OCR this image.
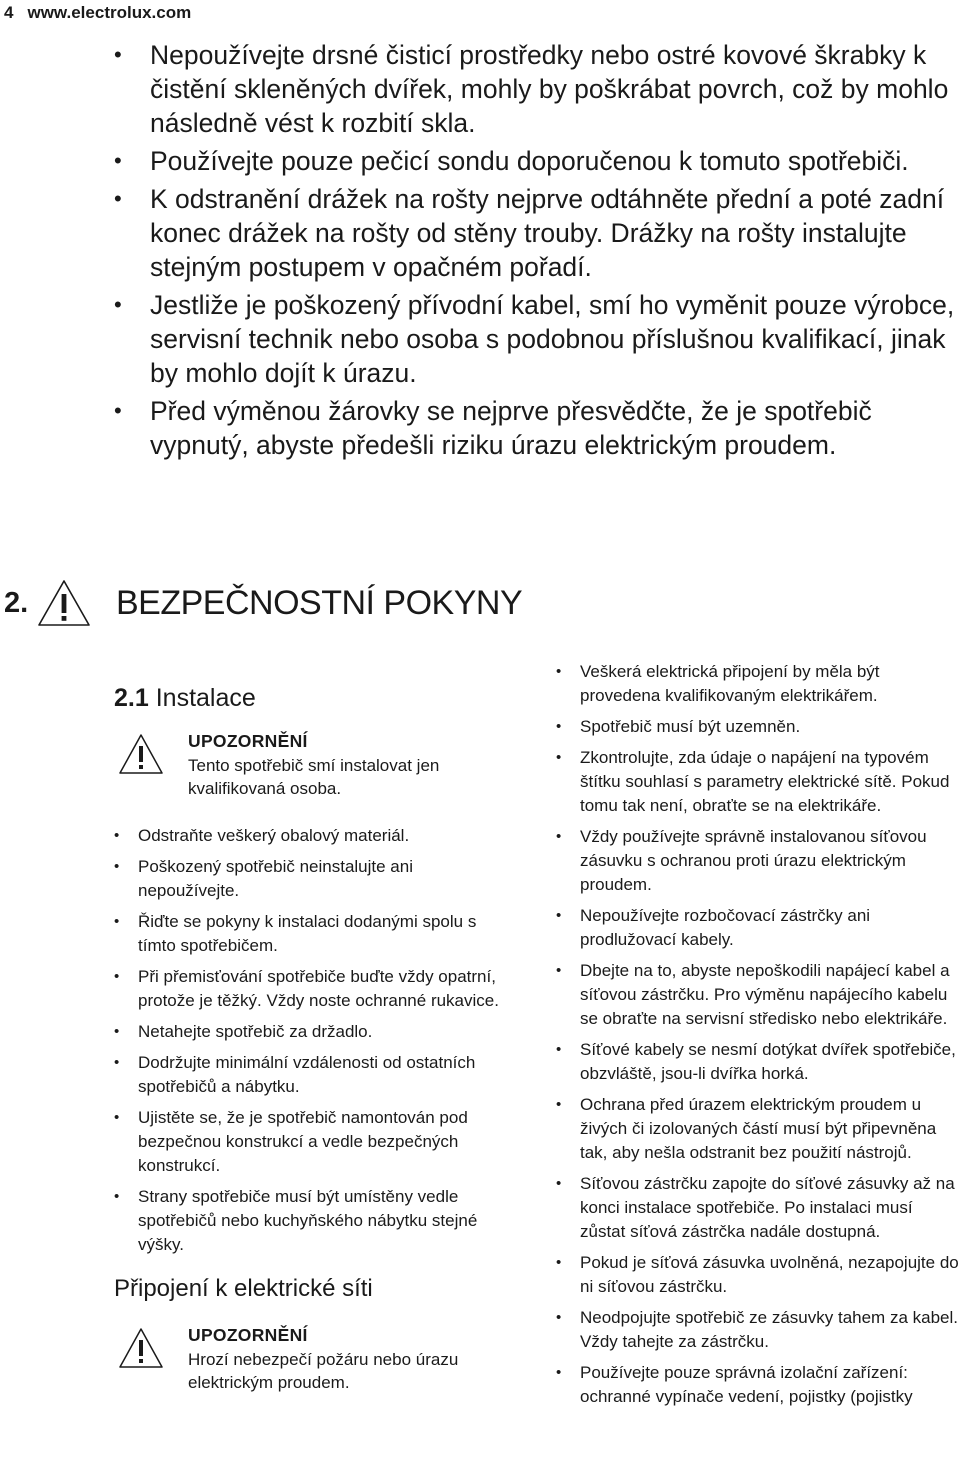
4 www.electrolux.com
• Nepoužívejte drsné čisticí prostředky nebo ostré kovové škrabky k čistění skleněných dvířek, mohly by poškrábat povrch, což by mohlo následně vést k rozbití skla.
• Používejte pouze pečicí sondu doporučenou k tomuto spotřebiči.
• K odstranění drážek na rošty nejprve odtáhněte přední a poté zadní konec drážek na rošty od stěny trouby. Drážky na rošty instalujte stejným postupem v opačném pořadí.
• Jestliže je poškozený přívodní kabel, smí ho vyměnit pouze výrobce, servisní technik nebo osoba s podobnou příslušnou kvalifikací, jinak by mohlo dojít k úrazu.
• Před výměnou žárovky se nejprve přesvědčte, že je spotřebič vypnutý, abyste předešli riziku úrazu elektrickým proudem.
2.	BEZPEČNOSTNÍ POKYNY
2.1 Instalace
UPOZORNĚNÍ
Tento spotřebič smí instalovat jen kvalifikovaná osoba.
• Odstraňte veškerý obalový materiál.
• Poškozený spotřebič neinstalujte ani nepoužívejte.
• Řiďte se pokyny k instalaci dodanými spolu s tímto spotřebičem.
• Při přemisťování spotřebiče buďte vždy opatrní, protože je těžký. Vždy noste ochranné rukavice.
• Netahejte spotřebič za držadlo.
• Dodržujte minimální vzdálenosti od ostatních spotřebičů a nábytku.
• Ujistěte se, že je spotřebič namontován pod bezpečnou konstrukcí a vedle bezpečných konstrukcí.
• Strany spotřebiče musí být umístěny vedle spotřebičů nebo kuchyňského nábytku stejné výšky.
Připojení k elektrické síti
UPOZORNĚNÍ
Hrozí nebezpečí požáru nebo úrazu elektrickým proudem.
• Veškerá elektrická připojení by měla být provedena kvalifikovaným elektrikářem.
• Spotřebič musí být uzemněn.
• Zkontrolujte, zda údaje o napájení na typovém štítku souhlasí s parametry elektrické sítě. Pokud tomu tak není, obraťte se na elektrikáře.
• Vždy používejte správně instalovanou síťovou zásuvku s ochranou proti úrazu elektrickým proudem.
• Nepoužívejte rozbočovací zástrčky ani prodlužovací kabely.
• Dbejte na to, abyste nepoškodili napájecí kabel a síťovou zástrčku. Pro výměnu napájecího kabelu se obraťte na servisní středisko nebo elektrikáře.
• Síťové kabely se nesmí dotýkat dvířek spotřebiče, obzvláště, jsou-li dvířka horká.
• Ochrana před úrazem elektrickým proudem u živých či izolovaných částí musí být připevněna tak, aby nešla odstranit bez použití nástrojů.
• Síťovou zástrčku zapojte do síťové zásuvky až na konci instalace spotřebiče. Po instalaci musí zůstat síťová zástrčka nadále dostupná.
• Pokud je síťová zásuvka uvolněná, nezapojujte do ni síťovou zástrčku.
• Neodpojujte spotřebič ze zásuvky tahem za kabel. Vždy tahejte za zástrčku.
• Používejte pouze správná izolační zařízení: ochranné vypínače vedení, pojistky (pojistky
